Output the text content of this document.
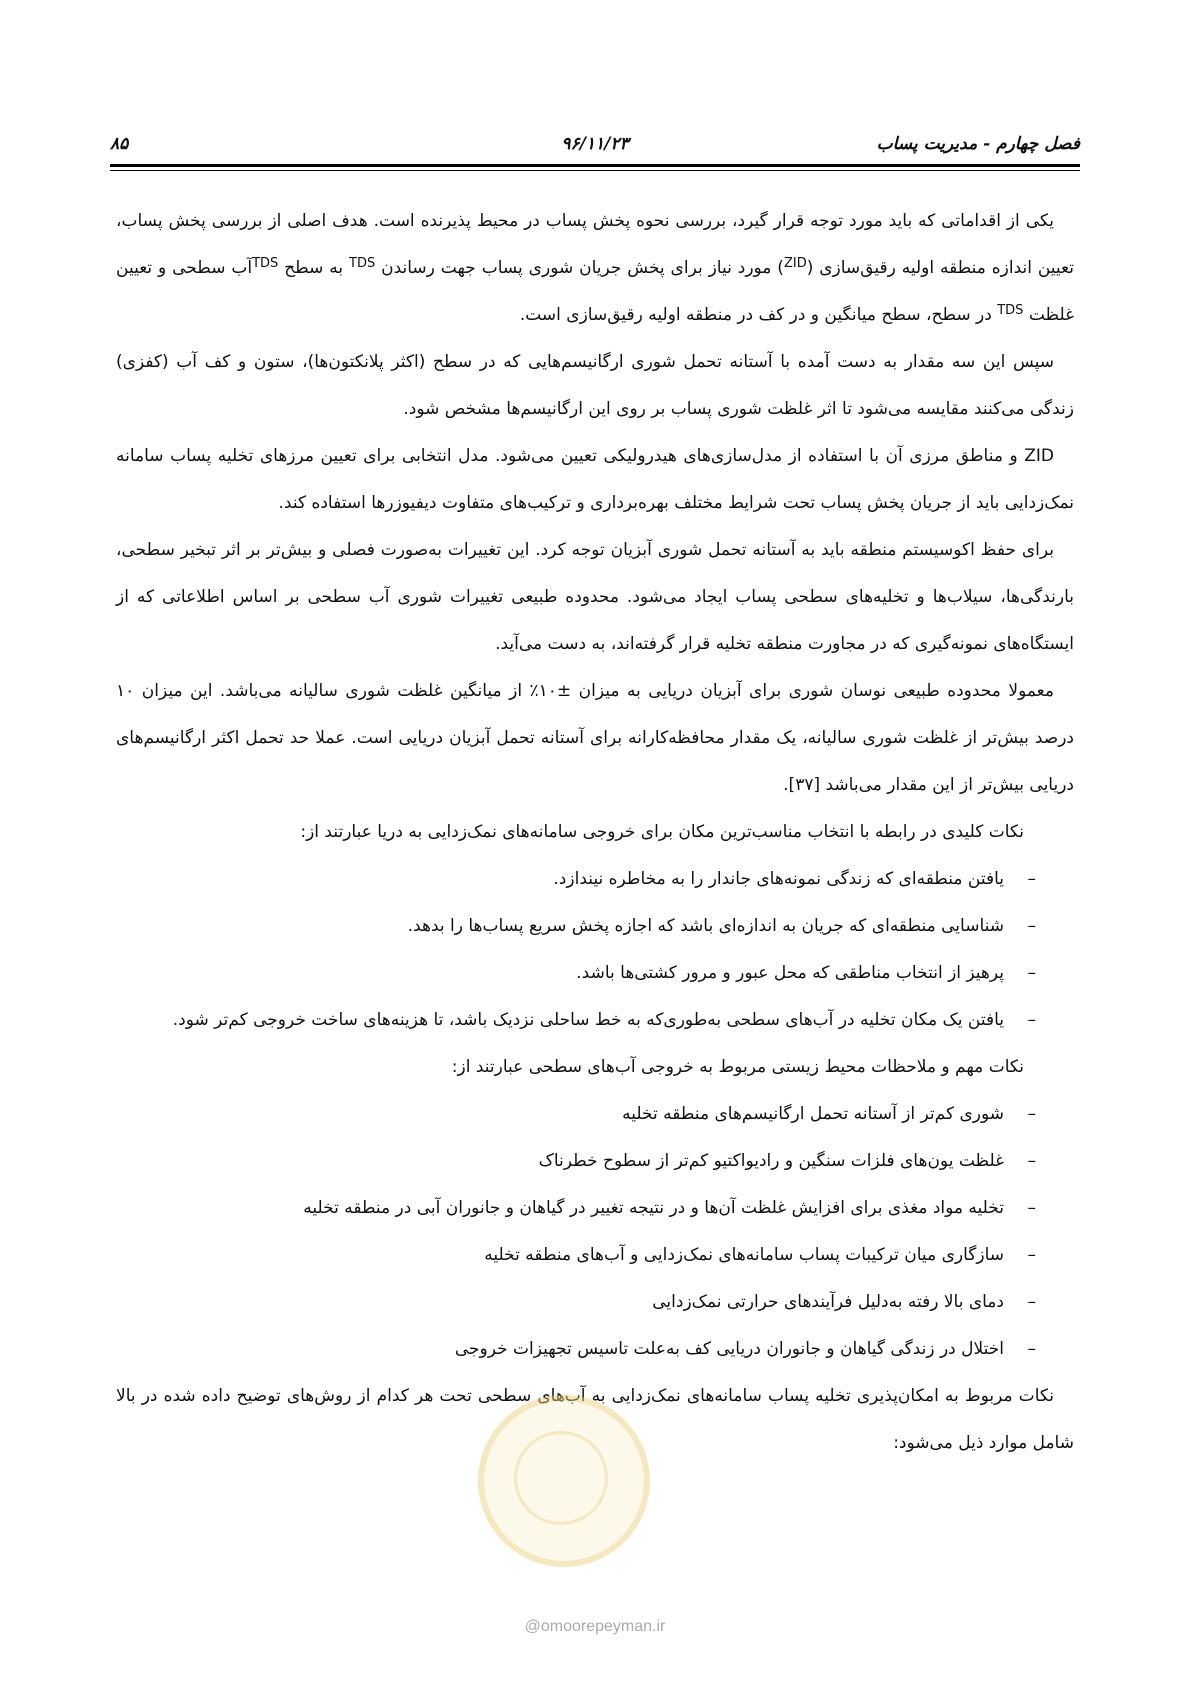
فصل چهارم - مدیریت پساب
۹۶/۱۱/۲۳
۸۵

یکی از اقداماتی که باید مورد توجه قرار گیرد، بررسی نحوه پخش پساب در محیط پذیرنده است. هدف اصلی از بررسی پخش پساب، تعیین اندازه منطقه اولیه رقیق‌سازی ($^{ZID}$) مورد نیاز برای پخش جریان شوری پساب جهت رساندن $^{TDS}$ به سطح $^{TDS}$آب سطحی و تعیین غلظت $^{TDS}$ در سطح، سطح میانگین و در کف در منطقه اولیه رقیق‌سازی است.

سپس این سه مقدار به دست آمده با آستانه تحمل شوری ارگانیسم‌هایی که در سطح (اکثر پلانکتون‌ها)، ستون و کف آب (کفزی) زندگی می‌کنند مقایسه می‌شود تا اثر غلظت شوری پساب بر روی این ارگانیسم‌ها مشخص شود.

ZID و مناطق مرزی آن با استفاده از مدل‌سازی‌های هیدرولیکی تعیین می‌شود. مدل انتخابی برای تعیین مرزهای تخلیه پساب سامانه نمک‌زدایی باید از جریان پخش پساب تحت شرایط مختلف بهره‌برداری و ترکیب‌های متفاوت دیفیوزرها استفاده کند.

برای حفظ اکوسیستم منطقه باید به آستانه تحمل شوری آبزیان توجه کرد. این تغییرات به‌صورت فصلی و بیش‌تر بر اثر تبخیر سطحی، بارندگی‌ها، سیلاب‌ها و تخلیه‌های سطحی پساب ایجاد می‌شود. محدوده طبیعی تغییرات شوری آب سطحی بر اساس اطلاعاتی که از ایستگاه‌های نمونه‌گیری که در مجاورت منطقه تخلیه قرار گرفته‌اند، به دست می‌آید.

معمولا محدوده طبیعی نوسان شوری برای آبزیان دریایی به میزان ±۱۰٪ از میانگین غلظت شوری سالیانه می‌باشد. این میزان ۱۰ درصد بیش‌تر از غلظت شوری سالیانه، یک مقدار محافظه‌کارانه برای آستانه تحمل آبزیان دریایی است. عملا حد تحمل اکثر ارگانیسم‌های دریایی بیش‌تر از این مقدار می‌باشد [۳۷].

نکات کلیدی در رابطه با انتخاب مناسب‌ترین مکان برای خروجی سامانه‌های نمک‌زدایی به دریا عبارتند از:

–
یافتن منطقه‌ای که زندگی نمونه‌های جاندار را به مخاطره نیندازد.
–
شناسایی منطقه‌ای که جریان به اندازه‌ای باشد که اجازه پخش سریع پساب‌ها را بدهد.
–
پرهیز از انتخاب مناطقی که محل عبور و مرور کشتی‌ها باشد.
–
یافتن یک مکان تخلیه در آب‌های سطحی به‌طوری‌که به خط ساحلی نزدیک باشد، تا هزینه‌های ساخت خروجی کم‌تر شود.

نکات مهم و ملاحظات محیط زیستی مربوط به خروجی آب‌های سطحی عبارتند از:

–
شوری کم‌تر از آستانه تحمل ارگانیسم‌های منطقه تخلیه
–
غلظت یون‌های فلزات سنگین و رادیواکتیو کم‌تر از سطوح خطرناک
–
تخلیه مواد مغذی برای افزایش غلظت آن‌ها و در نتیجه تغییر در گیاهان و جانوران آبی در منطقه تخلیه
–
سازگاری میان ترکیبات پساب سامانه‌های نمک‌زدایی و آب‌های منطقه تخلیه
–
دمای بالا رفته به‌دلیل فرآیندهای حرارتی نمک‌زدایی
–
اختلال در زندگی گیاهان و جانوران دریایی کف به‌علت تاسیس تجهیزات خروجی

نکات مربوط به امکان‌پذیری تخلیه پساب سامانه‌های نمک‌زدایی به آب‌های سطحی تحت هر کدام از روش‌های توضیح داده شده در بالا شامل موارد ذیل می‌شود:

@omoorepeyman.ir
